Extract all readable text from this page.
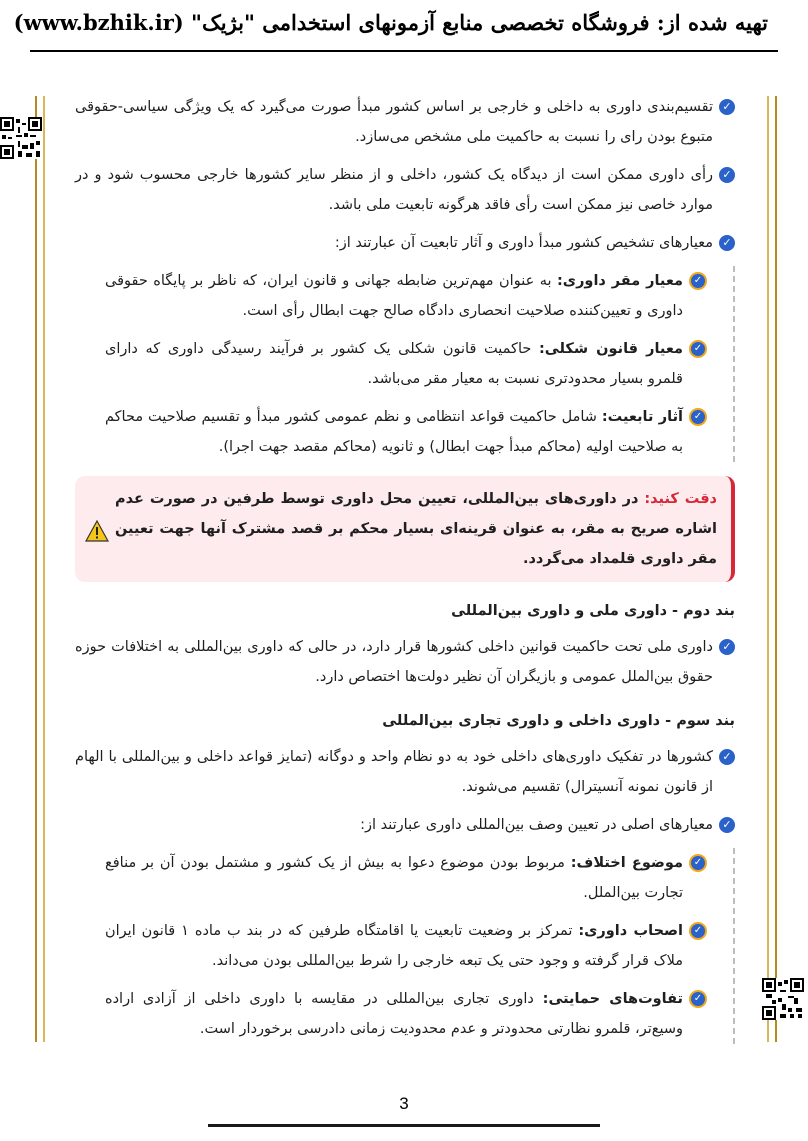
تهیه شده از: فروشگاه تخصصی منابع آزمونهای استخدامی "بژیک" (www.bzhik.ir)
✓
تقسیم‌بندی داوری به داخلی و خارجی بر اساس کشور مبدأ صورت می‌گیرد که یک ویژگی سیاسی-حقوقی متبوع بودن رای را نسبت به حاکمیت ملی مشخص می‌سازد.
✓
رأی داوری ممکن است از دیدگاه یک کشور، داخلی و از منظر سایر کشورها خارجی محسوب شود و در موارد خاصی نیز ممکن است رأی فاقد هرگونه تابعیت ملی باشد.
✓
معیارهای تشخیص کشور مبدأ داوری و آثار تابعیت آن عبارتند از:
✓
معیار مقر داوری: به عنوان مهم‌ترین ضابطه جهانی و قانون ایران، که ناظر بر پایگاه حقوقی داوری و تعیین‌کننده صلاحیت انحصاری دادگاه صالح جهت ابطال رأی است.
✓
معیار قانون شکلی: حاکمیت قانون شکلی یک کشور بر فرآیند رسیدگی داوری که دارای قلمرو بسیار محدودتری نسبت به معیار مقر می‌باشد.
✓
آثار تابعیت: شامل حاکمیت قواعد انتظامی و نظم عمومی کشور مبدأ و تقسیم صلاحیت محاکم به صلاحیت اولیه (محاکم مبدأ جهت ابطال) و ثانویه (محاکم مقصد جهت اجرا).
دقت کنید: در داوری‌های بین‌المللی، تعیین محل داوری توسط طرفین در صورت عدم اشاره صریح به مقر، به عنوان قرینه‌ای بسیار محکم بر قصد مشترک آنها جهت تعیین مقر داوری قلمداد می‌گردد.
بند دوم - داوری ملی و داوری بین‌المللی
✓
داوری ملی تحت حاکمیت قوانین داخلی کشورها قرار دارد، در حالی که داوری بین‌المللی به اختلافات حوزه حقوق بین‌الملل عمومی و بازیگران آن نظیر دولت‌ها اختصاص دارد.
بند سوم - داوری داخلی و داوری تجاری بین‌المللی
✓
کشورها در تفکیک داوری‌های داخلی خود به دو نظام واحد و دوگانه (تمایز قواعد داخلی و بین‌المللی با الهام از قانون نمونه آنسیترال) تقسیم می‌شوند.
✓
معیارهای اصلی در تعیین وصف بین‌المللی داوری عبارتند از:
✓
موضوع اختلاف: مربوط بودن موضوع دعوا به بیش از یک کشور و مشتمل بودن آن بر منافع تجارت بین‌الملل.
✓
اصحاب داوری: تمرکز بر وضعیت تابعیت یا اقامتگاه طرفین که در بند ب ماده ۱ قانون ایران ملاک قرار گرفته و وجود حتی یک تبعه خارجی را شرط بین‌المللی بودن می‌داند.
✓
تفاوت‌های حمایتی: داوری تجاری بین‌المللی در مقایسه با داوری داخلی از آزادی اراده وسیع‌تر، قلمرو نظارتی محدودتر و عدم محدودیت زمانی دادرسی برخوردار است.
3
